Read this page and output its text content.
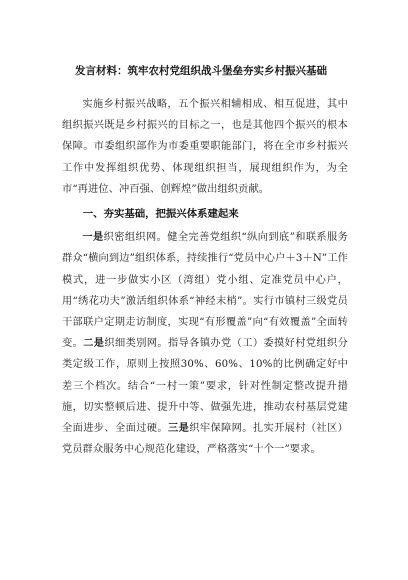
发言材料：筑牢农村党组织战斗堡垒夯实乡村振兴基础

实施乡村振兴战略，五个振兴相辅相成、相互促进，其中组织振兴既是乡村振兴的目标之一，也是其他四个振兴的根本保障。市委组织部作为市委重要职能部门，将在全市乡村振兴工作中发挥组织优势、体现组织担当，展现组织作为，为全市“再进位、冲百强、创辉煌”做出组织贡献。

一、夯实基础，把振兴体系建起来

一是织密组织网。健全完善党组织“纵向到底”和联系服务群众“横向到边”组织体系，持续推行“党员中心户＋3＋N”工作模式，进一步做实小区（湾组）党小组、定准党员中心户，用“绣花功夫”激活组织体系“神经末梢”。实行市镇村三级党员干部联户定期走访制度，实现“有形覆盖”向“有效覆盖”全面转变。二是织细类别网。指导各镇办党（工）委摸好村党组织分类定级工作，原则上按照30%、60%、10%的比例确定好中差三个档次。结合“一村一策”要求，针对性制定整改提升措施，切实整顿后进、提升中等、做强先进，推动农村基层党建全面进步、全面过硬。三是织牢保障网。扎实开展村（社区）党员群众服务中心规范化建设，严格落实“十个一”要求。
